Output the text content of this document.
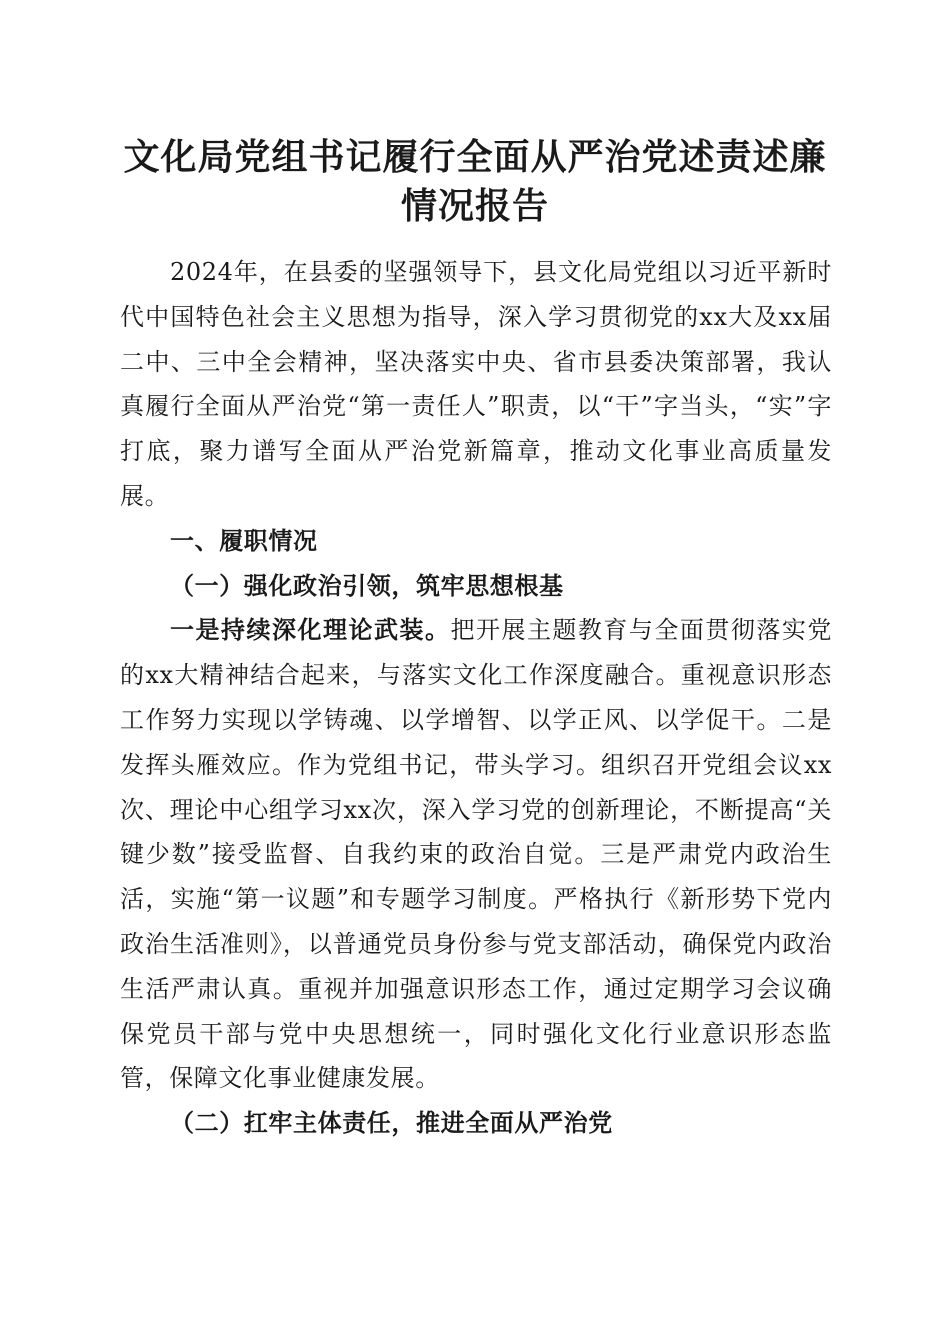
文化局党组书记履行全面从严治党述责述廉情况报告

2024年，在县委的坚强领导下，县文化局党组以习近平新时代中国特色社会主义思想为指导，深入学习贯彻党的xx大及xx届二中、三中全会精神，坚决落实中央、省市县委决策部署，我认真履行全面从严治党“第一责任人”职责，以“干”字当头，“实”字打底，聚力谱写全面从严治党新篇章，推动文化事业高质量发展。

一、履职情况

（一）强化政治引领，筑牢思想根基

一是持续深化理论武装。把开展主题教育与全面贯彻落实党的xx大精神结合起来，与落实文化工作深度融合。重视意识形态工作努力实现以学铸魂、以学增智、以学正风、以学促干。二是发挥头雁效应。作为党组书记，带头学习。组织召开党组会议xx次、理论中心组学习xx次，深入学习党的创新理论，不断提高“关键少数”接受监督、自我约束的政治自觉。三是严肃党内政治生活，实施“第一议题”和专题学习制度。严格执行《新形势下党内政治生活准则》，以普通党员身份参与党支部活动，确保党内政治生活严肃认真。重视并加强意识形态工作，通过定期学习会议确保党员干部与党中央思想统一，同时强化文化行业意识形态监管，保障文化事业健康发展。

（二）扛牢主体责任，推进全面从严治党
